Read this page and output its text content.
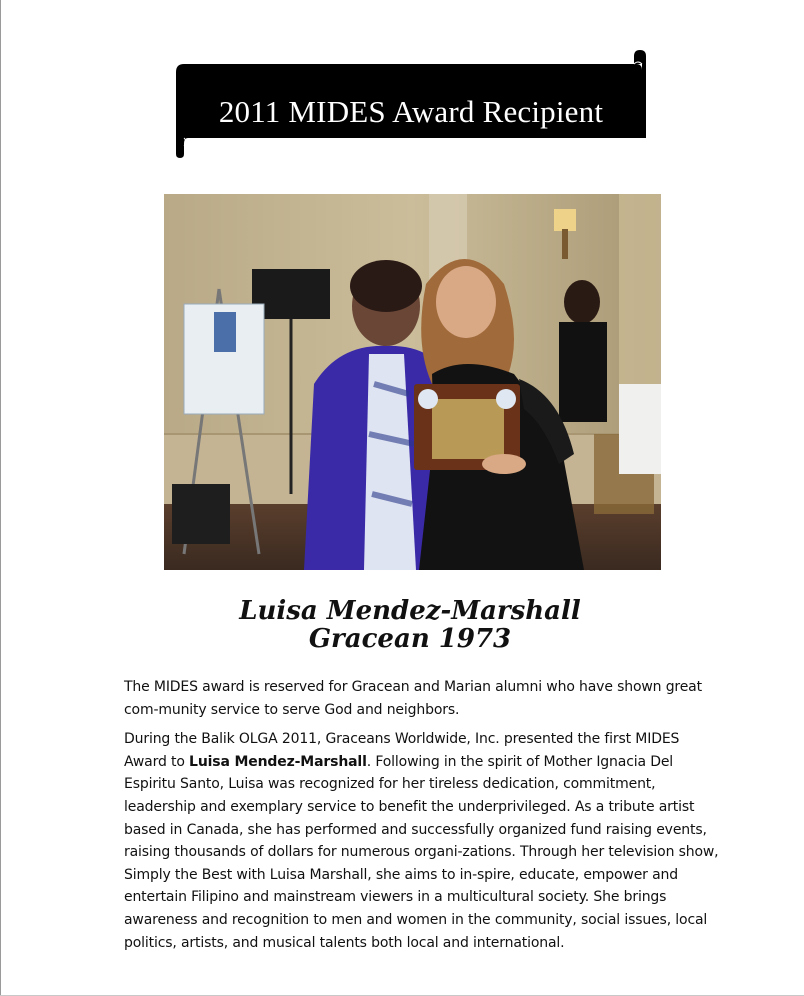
2011 MIDES Award Recipient
Luisa Mendez-Marshall
Gracean 1973

The MIDES award is reserved for Gracean and Marian alumni who have shown great com-munity service to serve God and neighbors.

During the Balik OLGA 2011, Graceans Worldwide, Inc. presented the first MIDES Award to Luisa Mendez-Marshall. Following in the spirit of Mother Ignacia Del Espiritu Santo, Luisa was recognized for her tireless dedication, commitment, leadership and exemplary service to benefit the underprivileged. As a tribute artist based in Canada, she has performed and successfully organized fund raising events, raising thousands of dollars for numerous organi-zations. Through her television show, Simply the Best with Luisa Marshall, she aims to in-spire, educate, empower and entertain Filipino and mainstream viewers in a multicultural society. She brings awareness and recognition to men and women in the community, social issues, local politics, artists, and musical talents both local and international.
